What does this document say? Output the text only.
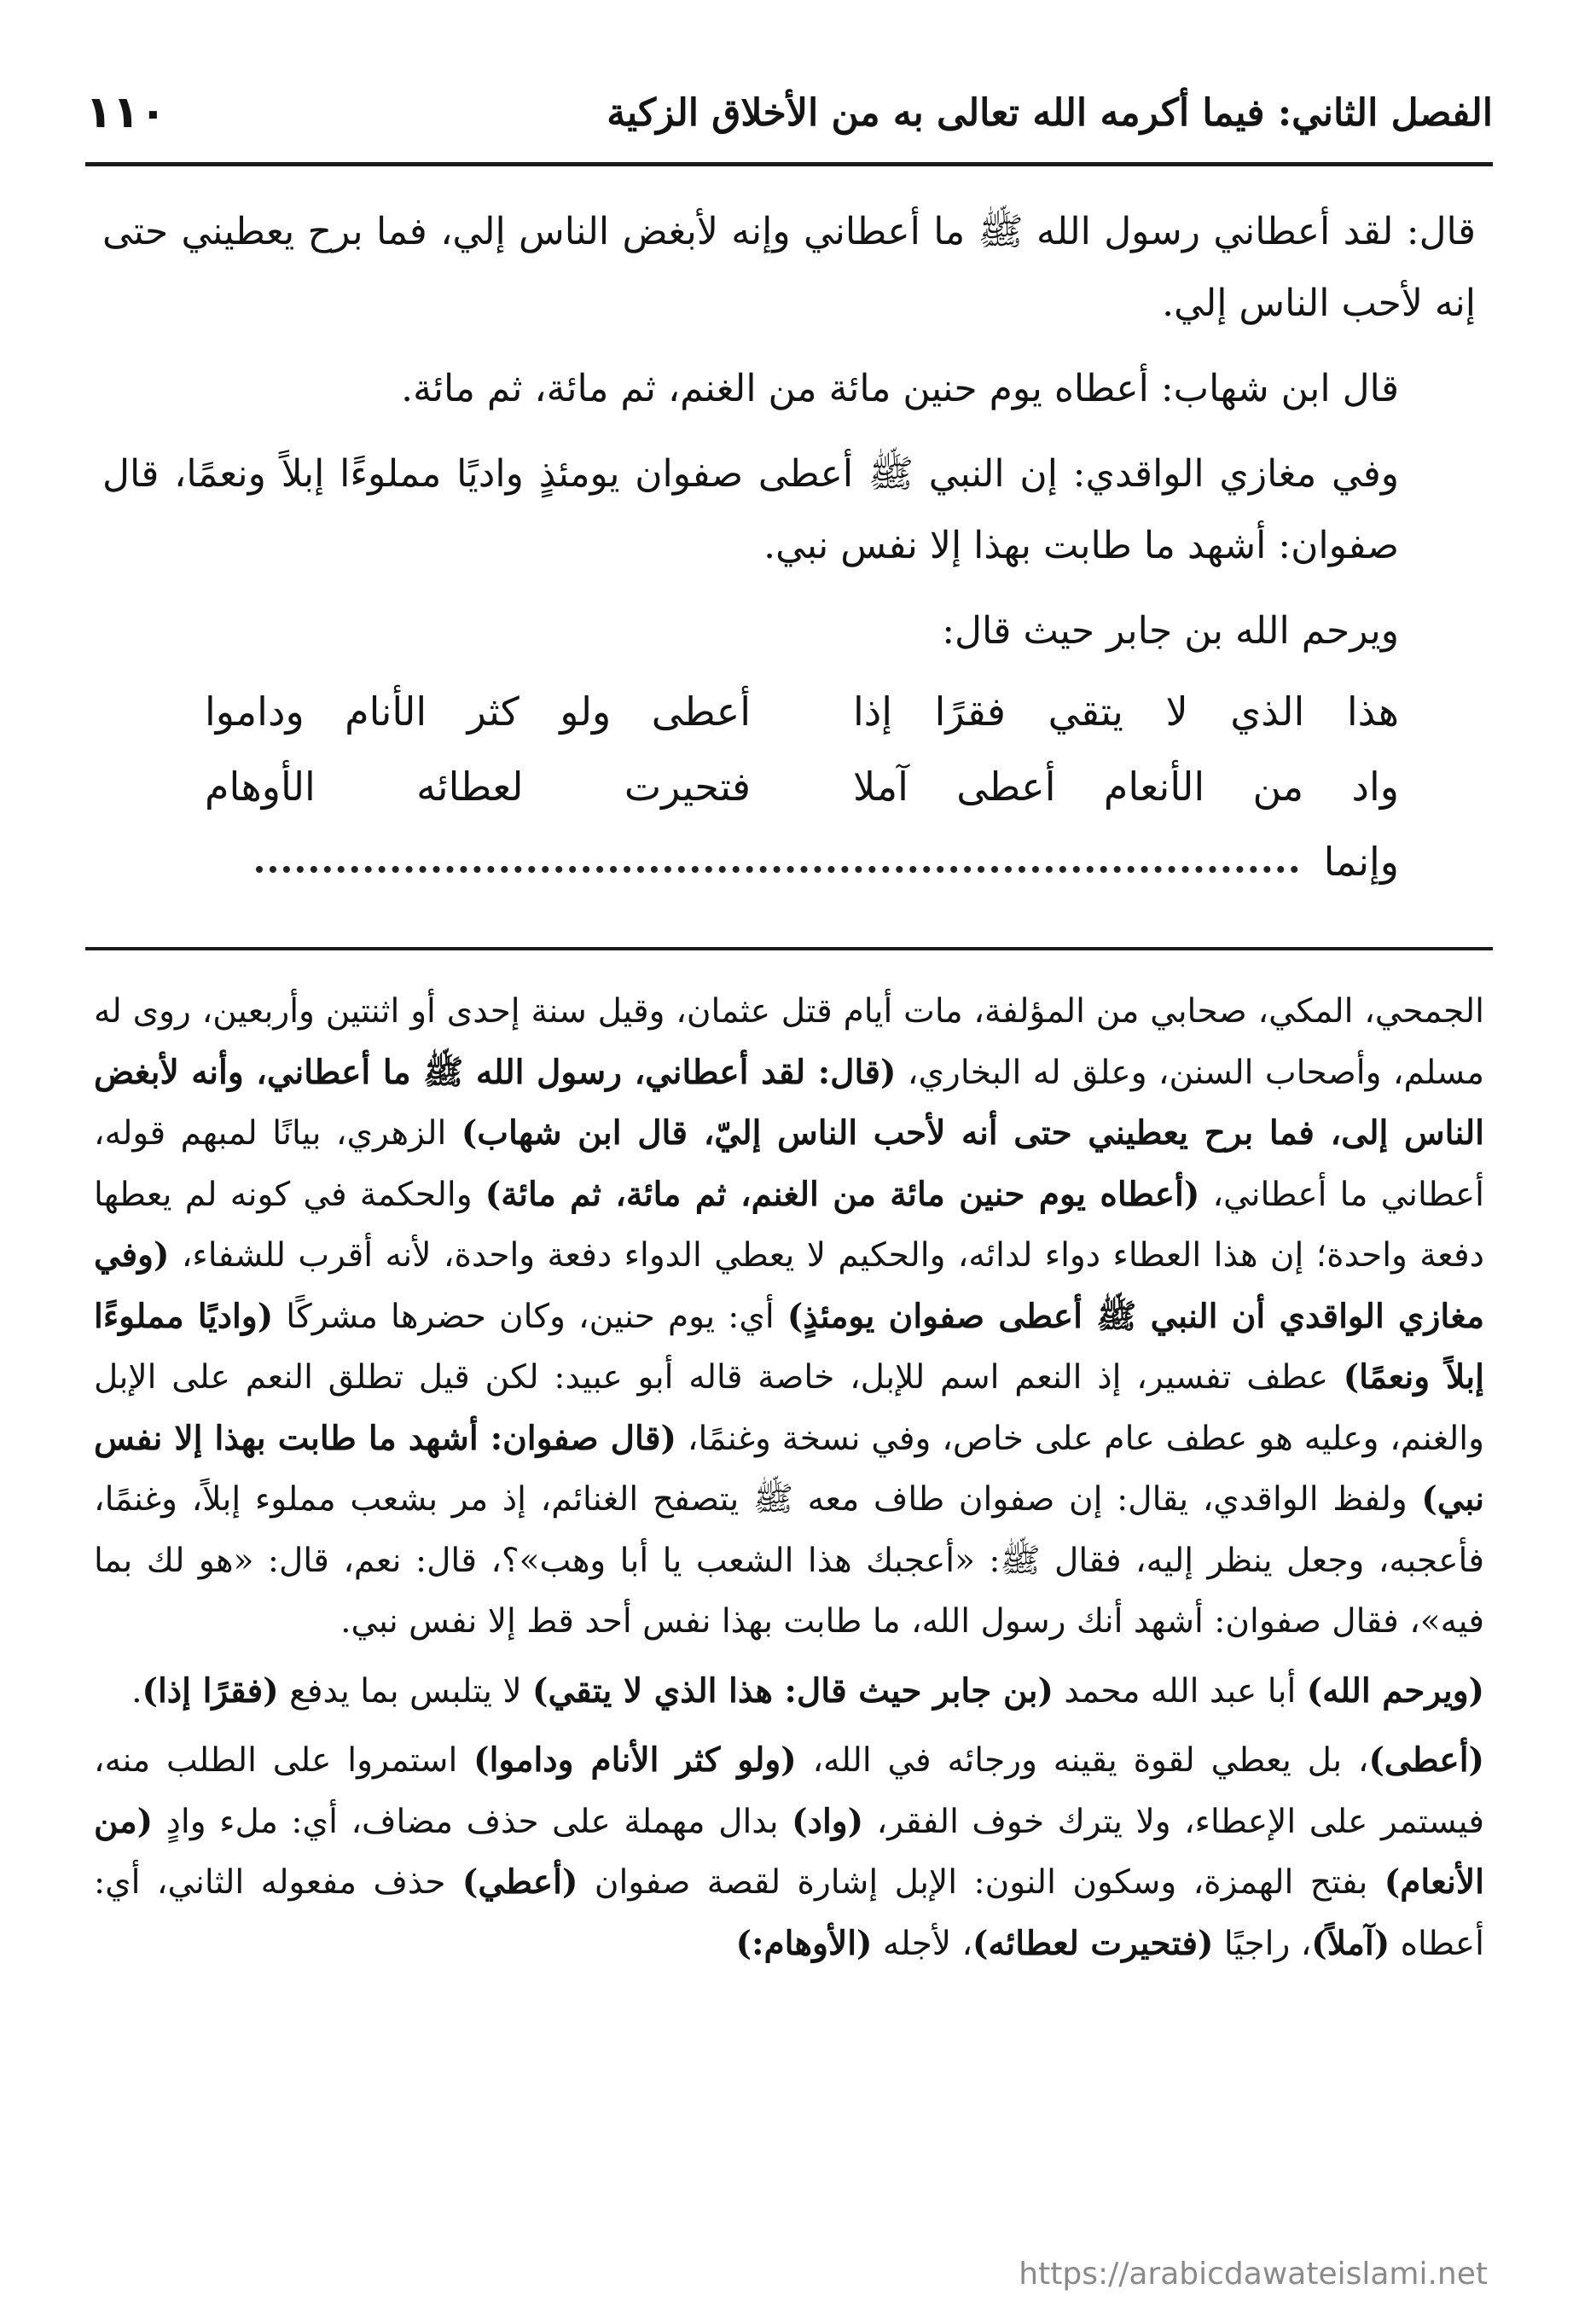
١١٠	الفصل الثاني: فيما أكرمه الله تعالى به من الأخلاق الزكية

قال: لقد أعطاني رسول الله ﷺ ما أعطاني وإنه لأبغض الناس إلي، فما برح يعطيني حتى إنه لأحب الناس إلي.

قال ابن شهاب: أعطاه يوم حنين مائة من الغنم، ثم مائة، ثم مائة.

وفي مغازي الواقدي: إن النبي ﷺ أعطى صفوان يومئذٍ واديًا مملوءًا إبلاً ونعمًا، قال صفوان: أشهد ما طابت بهذا إلا نفس نبي.

ويرحم الله بن جابر حيث قال:

هذا الذي لا يتقي فقرًا إذا
أعطى ولو كثر الأنام وداموا
واد من الأنعام أعطى آملا
فتحيرت لعطائه الأوهام
وإنما

الجمحي، المكي، صحابي من المؤلفة، مات أيام قتل عثمان، وقيل سنة إحدى أو اثنتين وأربعين، روى له مسلم، وأصحاب السنن، وعلق له البخاري، (قال: لقد أعطاني، رسول الله ﷺ ما أعطاني، وأنه لأبغض الناس إلى، فما برح يعطيني حتى أنه لأحب الناس إليّ، قال ابن شهاب) الزهري، بيانًا لمبهم قوله، أعطاني ما أعطاني، (أعطاه يوم حنين مائة من الغنم، ثم مائة، ثم مائة) والحكمة في كونه لم يعطها دفعة واحدة؛ إن هذا العطاء دواء لدائه، والحكيم لا يعطي الدواء دفعة واحدة، لأنه أقرب للشفاء، (وفي مغازي الواقدي أن النبي ﷺ أعطى صفوان يومئذٍ) أي: يوم حنين، وكان حضرها مشركًا (واديًا مملوءًا إبلاً ونعمًا) عطف تفسير، إذ النعم اسم للإبل، خاصة قاله أبو عبيد: لكن قيل تطلق النعم على الإبل والغنم، وعليه هو عطف عام على خاص، وفي نسخة وغنمًا، (قال صفوان: أشهد ما طابت بهذا إلا نفس نبي) ولفظ الواقدي، يقال: إن صفوان طاف معه ﷺ يتصفح الغنائم، إذ مر بشعب مملوء إبلاً، وغنمًا، فأعجبه، وجعل ينظر إليه، فقال ﷺ: «أعجبك هذا الشعب يا أبا وهب»؟، قال: نعم، قال: «هو لك بما فيه»، فقال صفوان: أشهد أنك رسول الله، ما طابت بهذا نفس أحد قط إلا نفس نبي.

(ويرحم الله) أبا عبد الله محمد (بن جابر حيث قال: هذا الذي لا يتقي) لا يتلبس بما يدفع (فقرًا إذا).

(أعطى)، بل يعطي لقوة يقينه ورجائه في الله، (ولو كثر الأنام وداموا) استمروا على الطلب منه، فيستمر على الإعطاء، ولا يترك خوف الفقر، (واد) بدال مهملة على حذف مضاف، أي: ملء وادٍ (من الأنعام) بفتح الهمزة، وسكون النون: الإبل إشارة لقصة صفوان (أعطي) حذف مفعوله الثاني، أي: أعطاه (آملاً)، راجيًا (فتحيرت لعطائه)، لأجله (الأوهام:)

https://arabicdawateislami.net
